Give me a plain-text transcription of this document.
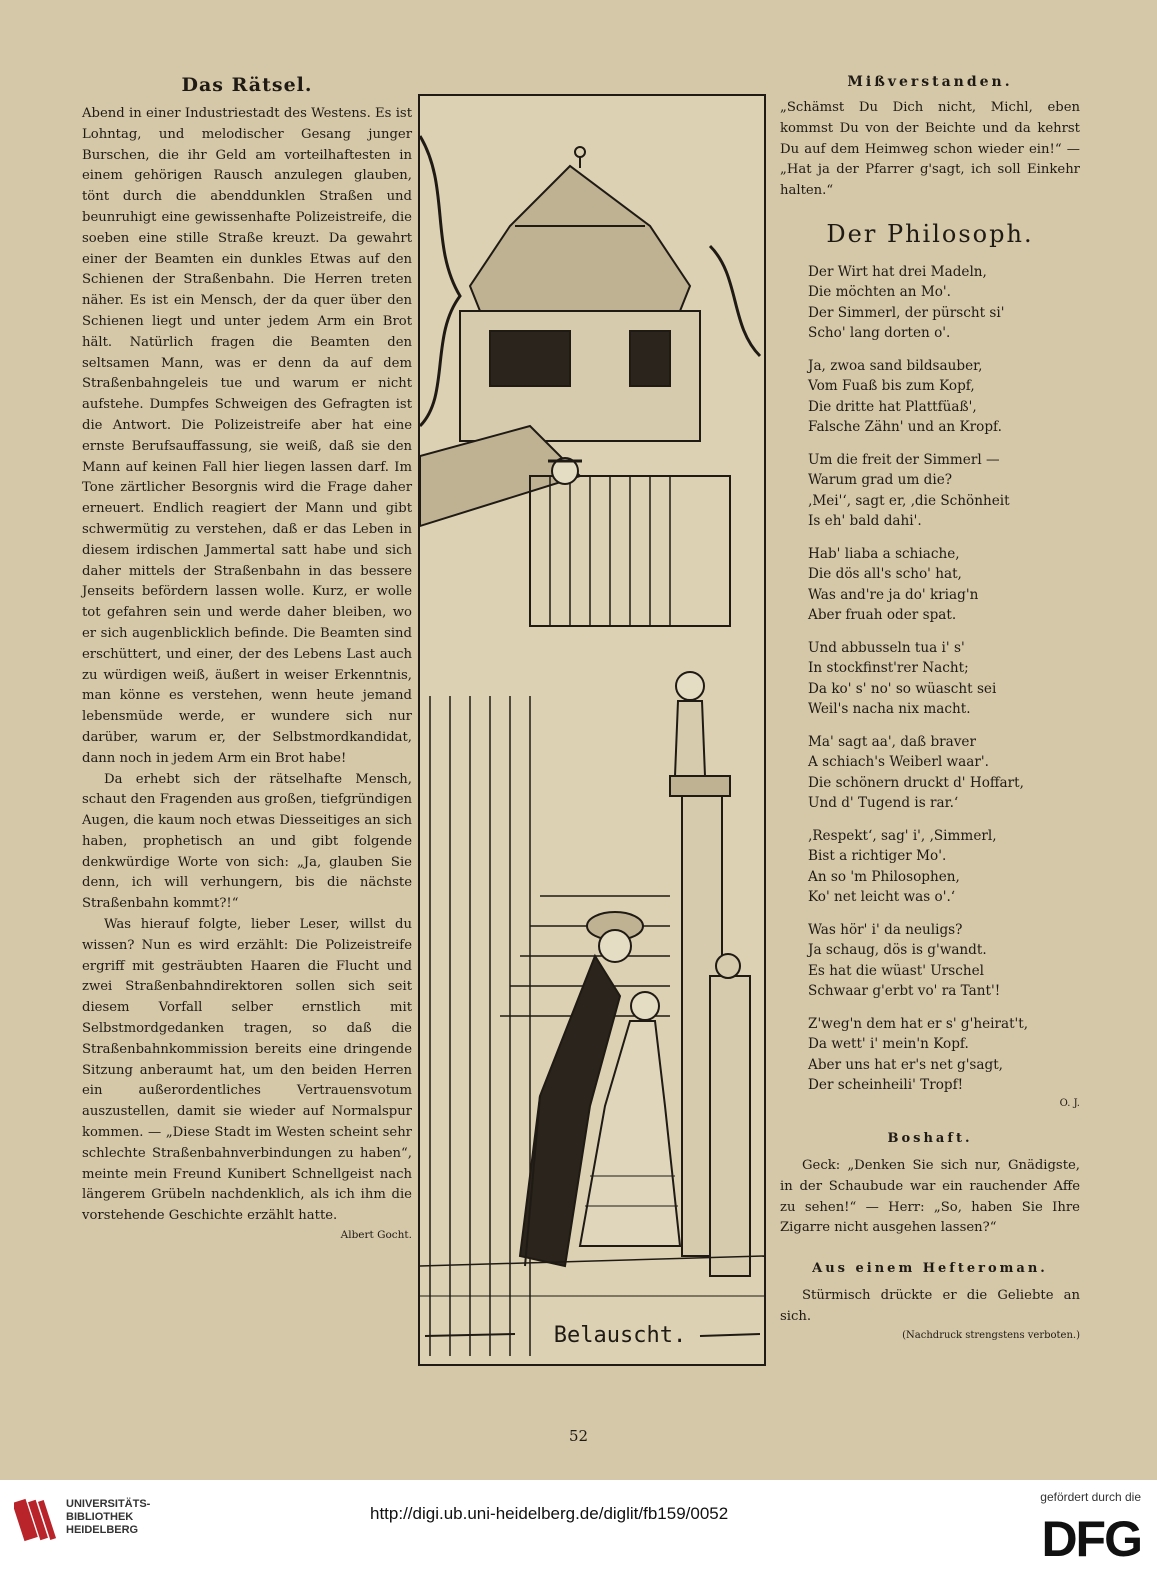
Das Rätsel.

Abend in einer Industriestadt des Westens. Es ist Lohntag, und melodischer Gesang junger Burschen, die ihr Geld am vorteilhaftesten in einem gehörigen Rausch anzulegen glauben, tönt durch die abenddunklen Straßen und beunruhigt eine gewissenhafte Polizeistreife, die soeben eine stille Straße kreuzt. Da gewahrt einer der Beamten ein dunkles Etwas auf den Schienen der Straßenbahn. Die Herren treten näher. Es ist ein Mensch, der da quer über den Schienen liegt und unter jedem Arm ein Brot hält. Natürlich fragen die Beamten den seltsamen Mann, was er denn da auf dem Straßenbahngeleis tue und warum er nicht aufstehe. Dumpfes Schweigen des Gefragten ist die Antwort. Die Polizeistreife aber hat eine ernste Berufsauffassung, sie weiß, daß sie den Mann auf keinen Fall hier liegen lassen darf. Im Tone zärtlicher Besorgnis wird die Frage daher erneuert. Endlich reagiert der Mann und gibt schwermütig zu verstehen, daß er das Leben in diesem irdischen Jammertal satt habe und sich daher mittels der Straßenbahn in das bessere Jenseits befördern lassen wolle. Kurz, er wolle tot gefahren sein und werde daher bleiben, wo er sich augenblicklich befinde. Die Beamten sind erschüttert, und einer, der des Lebens Last auch zu würdigen weiß, äußert in weiser Erkenntnis, man könne es verstehen, wenn heute jemand lebensmüde werde, er wundere sich nur darüber, warum er, der Selbstmordkandidat, dann noch in jedem Arm ein Brot habe!

Da erhebt sich der rätselhafte Mensch, schaut den Fragenden aus großen, tiefgründigen Augen, die kaum noch etwas Diesseitiges an sich haben, prophetisch an und gibt folgende denkwürdige Worte von sich: „Ja, glauben Sie denn, ich will verhungern, bis die nächste Straßenbahn kommt?!“

Was hierauf folgte, lieber Leser, willst du wissen? Nun es wird erzählt: Die Polizeistreife ergriff mit gesträubten Haaren die Flucht und zwei Straßenbahndirektoren sollen sich seit diesem Vorfall selber ernstlich mit Selbstmordgedanken tragen, so daß die Straßenbahnkommission bereits eine dringende Sitzung anberaumt hat, um den beiden Herren ein außerordentliches Vertrauensvotum auszustellen, damit sie wieder auf Normalspur kommen. — „Diese Stadt im Westen scheint sehr schlechte Straßenbahnverbindungen zu haben“, meinte mein Freund Kunibert Schnellgeist nach längerem Grübeln nachdenklich, als ich ihm die vorstehende Geschichte erzählt hatte.

Albert Gocht.
Belauscht.
Mißverstanden.

„Schämst Du Dich nicht, Michl, eben kommst Du von der Beichte und da kehrst Du auf dem Heimweg schon wieder ein!“ — „Hat ja der Pfarrer g'sagt, ich soll Einkehr halten.“

Der Philosoph.
Der Wirt hat drei Madeln,
Die möchten an Mo'.
Der Simmerl, der pürscht si'
Scho' lang dorten o'.
Ja, zwoa sand bildsauber,
Vom Fuaß bis zum Kopf,
Die dritte hat Plattfüaß',
Falsche Zähn' und an Kropf.
Um die freit der Simmerl —
Warum grad um die?
‚Mei'‘, sagt er, ‚die Schönheit
Is eh' bald dahi'.
Hab' liaba a schiache,
Die dös all's scho' hat,
Was and're ja do' kriag'n
Aber fruah oder spat.
Und abbusseln tua i' s'
In stockfinst'rer Nacht;
Da ko' s' no' so wüascht sei
Weil's nacha nix macht.
Ma' sagt aa', daß braver
A schiach's Weiberl waar'.
Die schönern druckt d' Hoffart,
Und d' Tugend is rar.‘
‚Respekt‘, sag' i', ‚Simmerl,
Bist a richtiger Mo'.
An so 'm Philosophen,
Ko' net leicht was o'.‘
Was hör' i' da neuligs?
Ja schaug, dös is g'wandt.
Es hat die wüast' Urschel
Schwaar g'erbt vo' ra Tant'!
Z'weg'n dem hat er s' g'heirat't,
Da wett' i' mein'n Kopf.
Aber uns hat er's net g'sagt,
Der scheinheili' Tropf!
O. J.
Boshaft.

Geck: „Denken Sie sich nur, Gnädigste, in der Schaubude war ein rauchender Affe zu sehen!“ — Herr: „So, haben Sie Ihre Zigarre nicht ausgehen lassen?“

Aus einem Hefteroman.

Stürmisch drückte er die Geliebte an sich.

(Nachdruck strengstens verboten.)
52
UNIVERSITÄTS-
BIBLIOTHEK
HEIDELBERG
http://digi.ub.uni-heidelberg.de/diglit/fb159/0052
gefördert durch die
DFG
